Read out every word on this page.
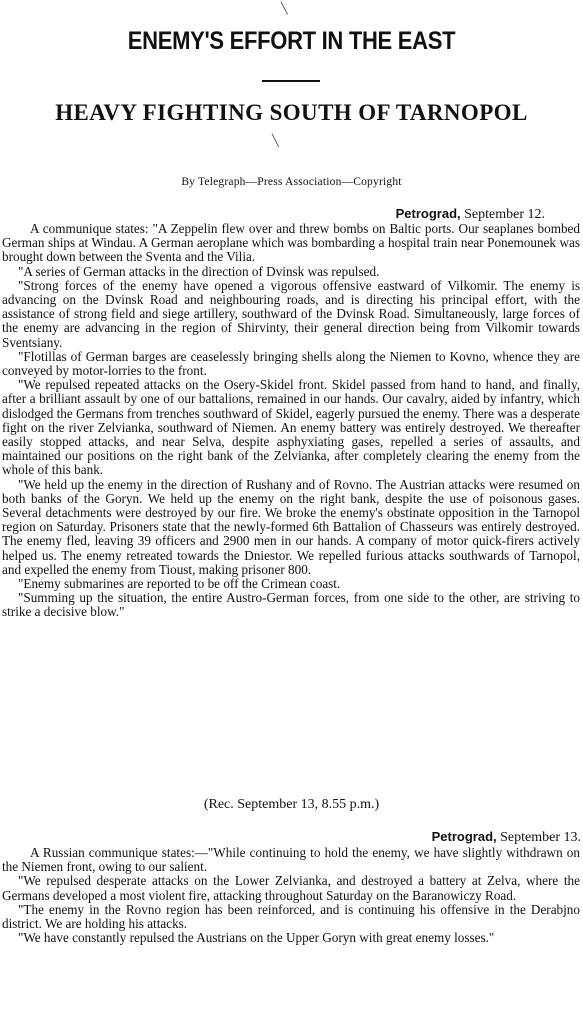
╲
ENEMY'S EFFORT IN THE EAST
HEAVY FIGHTING SOUTH OF TARNOPOL
╲
By Telegraph—Press Association—Copyright
Petrograd, September 12.

A communique states: "A Zeppelin flew over and threw bombs on Baltic ports. Our seaplanes bombed German ships at Windau. A German aeroplane which was bombarding a hospital train near Ponemounek was brought down between the Sventa and the Vilia.

"A series of German attacks in the direction of Dvinsk was repulsed.

"Strong forces of the enemy have opened a vigorous offensive eastward of Vilkomir. The enemy is advancing on the Dvinsk Road and neighbouring roads, and is directing his principal effort, with the assistance of strong field and siege artillery, southward of the Dvinsk Road. Simultaneously, large forces of the enemy are advancing in the region of Shirvinty, their general direction being from Vilkomir towards Sventsiany.

"Flotillas of German barges are ceaselessly bringing shells along the Niemen to Kovno, whence they are conveyed by motor-lorries to the front.

"We repulsed repeated attacks on the Osery-Skidel front. Skidel passed from hand to hand, and finally, after a brilliant assault by one of our battalions, remained in our hands. Our cavalry, aided by infantry, which dislodged the Germans from trenches southward of Skidel, eagerly pursued the enemy. There was a desperate fight on the river Zelvianka, southward of Niemen. An enemy battery was entirely destroyed. We thereafter easily stopped attacks, and near Selva, despite asphyxiating gases, repelled a series of assaults, and maintained our positions on the right bank of the Zelvianka, after completely clearing the enemy from the whole of this bank.

"We held up the enemy in the direction of Rushany and of Rovno. The Austrian attacks were resumed on both banks of the Goryn. We held up the enemy on the right bank, despite the use of poisonous gases. Several detachments were destroyed by our fire. We broke the enemy's obstinate opposition in the Tarnopol region on Saturday. Prisoners state that the newly-formed 6th Battalion of Chasseurs was entirely destroyed. The enemy fled, leaving 39 officers and 2900 men in our hands. A company of motor quick-firers actively helped us. The enemy retreated towards the Dniestor. We repelled furious attacks southwards of Tarnopol, and expelled the enemy from Tioust, making prisoner 800.

"Enemy submarines are reported to be off the Crimean coast.

"Summing up the situation, the entire Austro-German forces, from one side to the other, are striving to strike a decisive blow."

(Rec. September 13, 8.55 p.m.)
Petrograd, September 13.

A Russian communique states:—"While continuing to hold the enemy, we have slightly withdrawn on the Niemen front, owing to our salient.

"We repulsed desperate attacks on the Lower Zelvianka, and destroyed a battery at Zelva, where the Germans developed a most violent fire, attacking throughout Saturday on the Baranowiczy Road.

"The enemy in the Rovno region has been reinforced, and is continuing his offensive in the Derabjno district. We are holding his attacks.

"We have constantly repulsed the Austrians on the Upper Goryn with great enemy losses."
